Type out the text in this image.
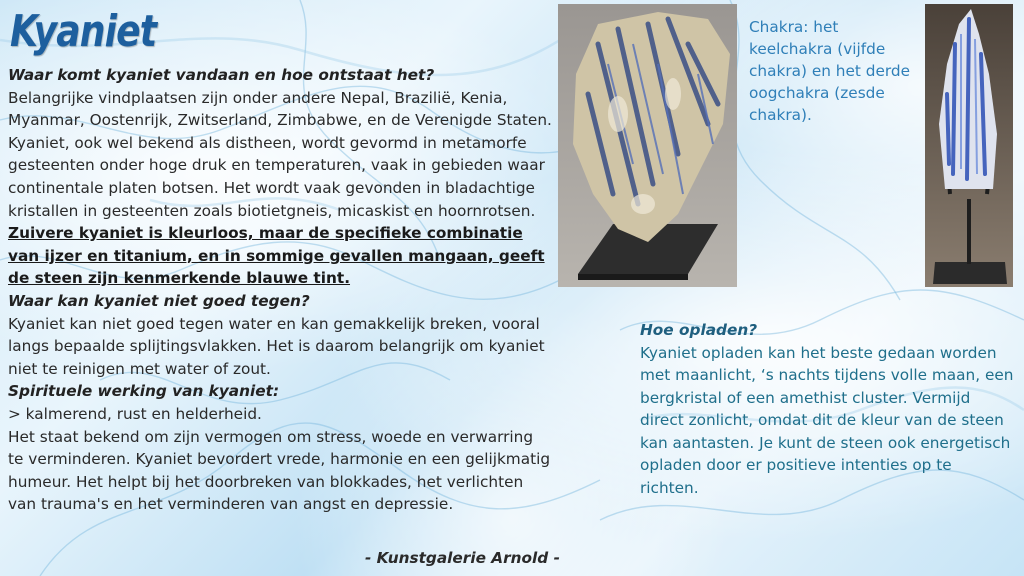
Kyaniet

Waar komt kyaniet vandaan en hoe ontstaat het?

Belangrijke vindplaatsen zijn onder andere Nepal, Brazilië, Kenia, Myanmar, Oostenrijk, Zwitserland, Zimbabwe, en de Verenigde Staten. Kyaniet, ook wel bekend als distheen, wordt gevormd in metamorfe gesteenten onder hoge druk en temperaturen, vaak in gebieden waar continentale platen botsen. Het wordt vaak gevonden in bladachtige kristallen in gesteenten zoals biotietgneis, micaskist en hoornrotsen.

Zuivere kyaniet is kleurloos, maar de specifieke combinatie van ijzer en titanium, en in sommige gevallen mangaan, geeft de steen zijn kenmerkende blauwe tint.

Waar kan kyaniet niet goed tegen?

Kyaniet kan niet goed tegen water en kan gemakkelijk breken, vooral langs bepaalde splijtingsvlakken. Het is daarom belangrijk om kyaniet niet te reinigen met water of zout.

Spirituele werking van kyaniet:

> kalmerend, rust en helderheid.

Het staat bekend om zijn vermogen om stress, woede en verwarring te verminderen. Kyaniet bevordert vrede, harmonie en een gelijkmatig humeur. Het helpt bij het doorbreken van blokkades, het verlichten van trauma's en het verminderen van angst en depressie.

- Kunstgalerie Arnold -
Chakra: het keelchakra (vijfde chakra) en het derde oogchakra (zesde chakra).
Hoe opladen?
Kyaniet opladen kan het beste gedaan worden met maanlicht, ‘s nachts tijdens volle maan, een bergkristal of een amethist cluster. Vermijd direct zonlicht, omdat dit de kleur van de steen kan aantasten. Je kunt de steen ook energetisch opladen door er positieve intenties op te richten.
